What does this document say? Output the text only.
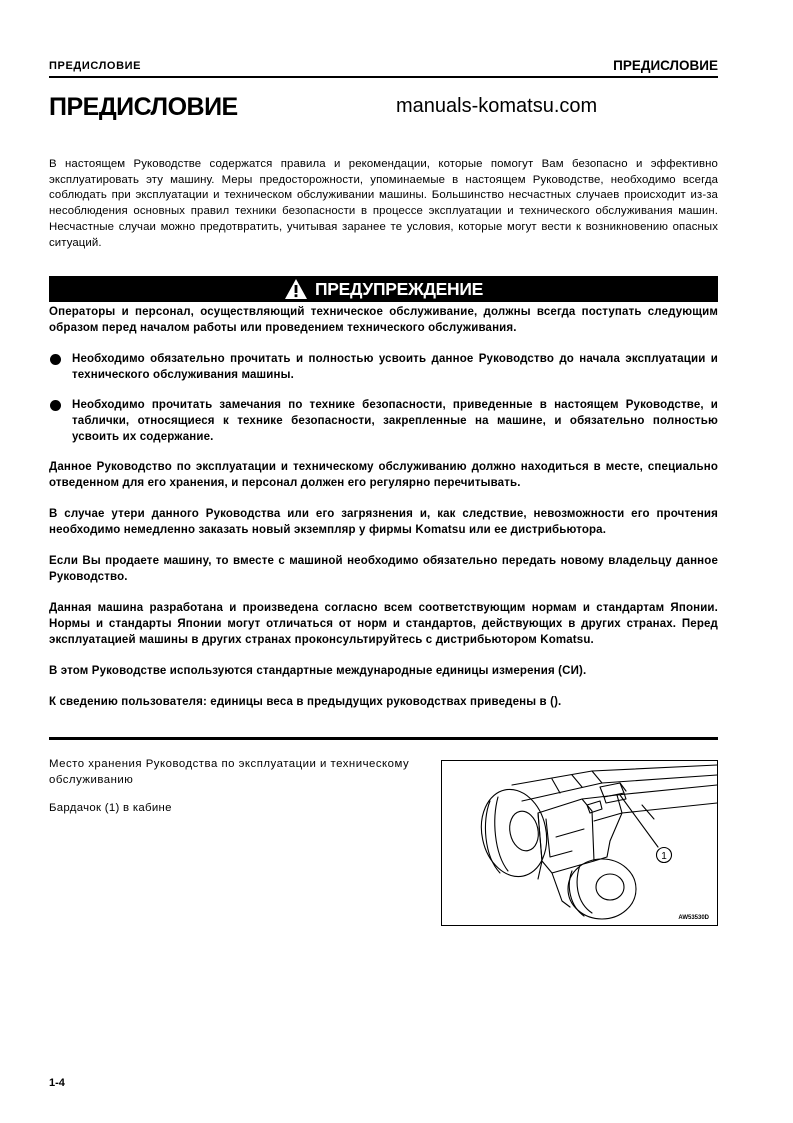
ПРЕДИСЛОВИЕ	ПРЕДИСЛОВИЕ
ПРЕДИСЛОВИЕ	manuals-komatsu.com

В настоящем Руководстве содержатся правила и рекомендации, которые помогут Вам безопасно и эффективно эксплуатировать эту машину. Меры предосторожности, упоминаемые в настоящем Руководстве, необходимо всегда соблюдать при эксплуатации и техническом обслуживании машины. Большинство несчастных случаев происходит из-за несоблюдения основных правил техники безопасности в процессе эксплуатации и технического обслуживания машин. Несчастные случаи можно предотвратить, учитывая заранее те условия, которые могут вести к возникновению опасных ситуаций.

ПРЕДУПРЕЖДЕНИЕ

Операторы и персонал, осуществляющий техническое обслуживание, должны всегда поступать следующим образом перед началом работы или проведением технического обслуживания.

Необходимо обязательно прочитать и полностью усвоить данное Руководство до начала эксплуатации и технического обслуживания машины.

Необходимо прочитать замечания по технике безопасности, приведенные в настоящем Руководстве, и таблички, относящиеся к технике безопасности, закрепленные на машине, и обязательно полностью усвоить их содержание.

Данное Руководство по эксплуатации и техническому обслуживанию должно находиться в месте, специально отведенном для его хранения, и персонал должен его регулярно перечитывать.

В случае утери данного Руководства или его загрязнения и, как следствие, невозможности его прочтения необходимо немедленно заказать новый экземпляр у фирмы Komatsu или ее дистрибьютора.

Если Вы продаете машину, то вместе с машиной необходимо обязательно передать новому владельцу данное Руководство.

Данная машина разработана и произведена согласно всем соответствующим нормам и стандартам Японии. Нормы и стандарты Японии могут отличаться от норм и стандартов, действующих в других странах. Перед эксплуатацией машины в других странах проконсультируйтесь с дистрибьютором Komatsu.

В этом Руководстве используются стандартные международные единицы измерения (СИ).

К сведению пользователя: единицы веса в предыдущих руководствах приведены в ().

Место хранения Руководства по эксплуатации и техническому обслуживанию

Бардачок (1) в кабине

1
AW53530D
1-4
